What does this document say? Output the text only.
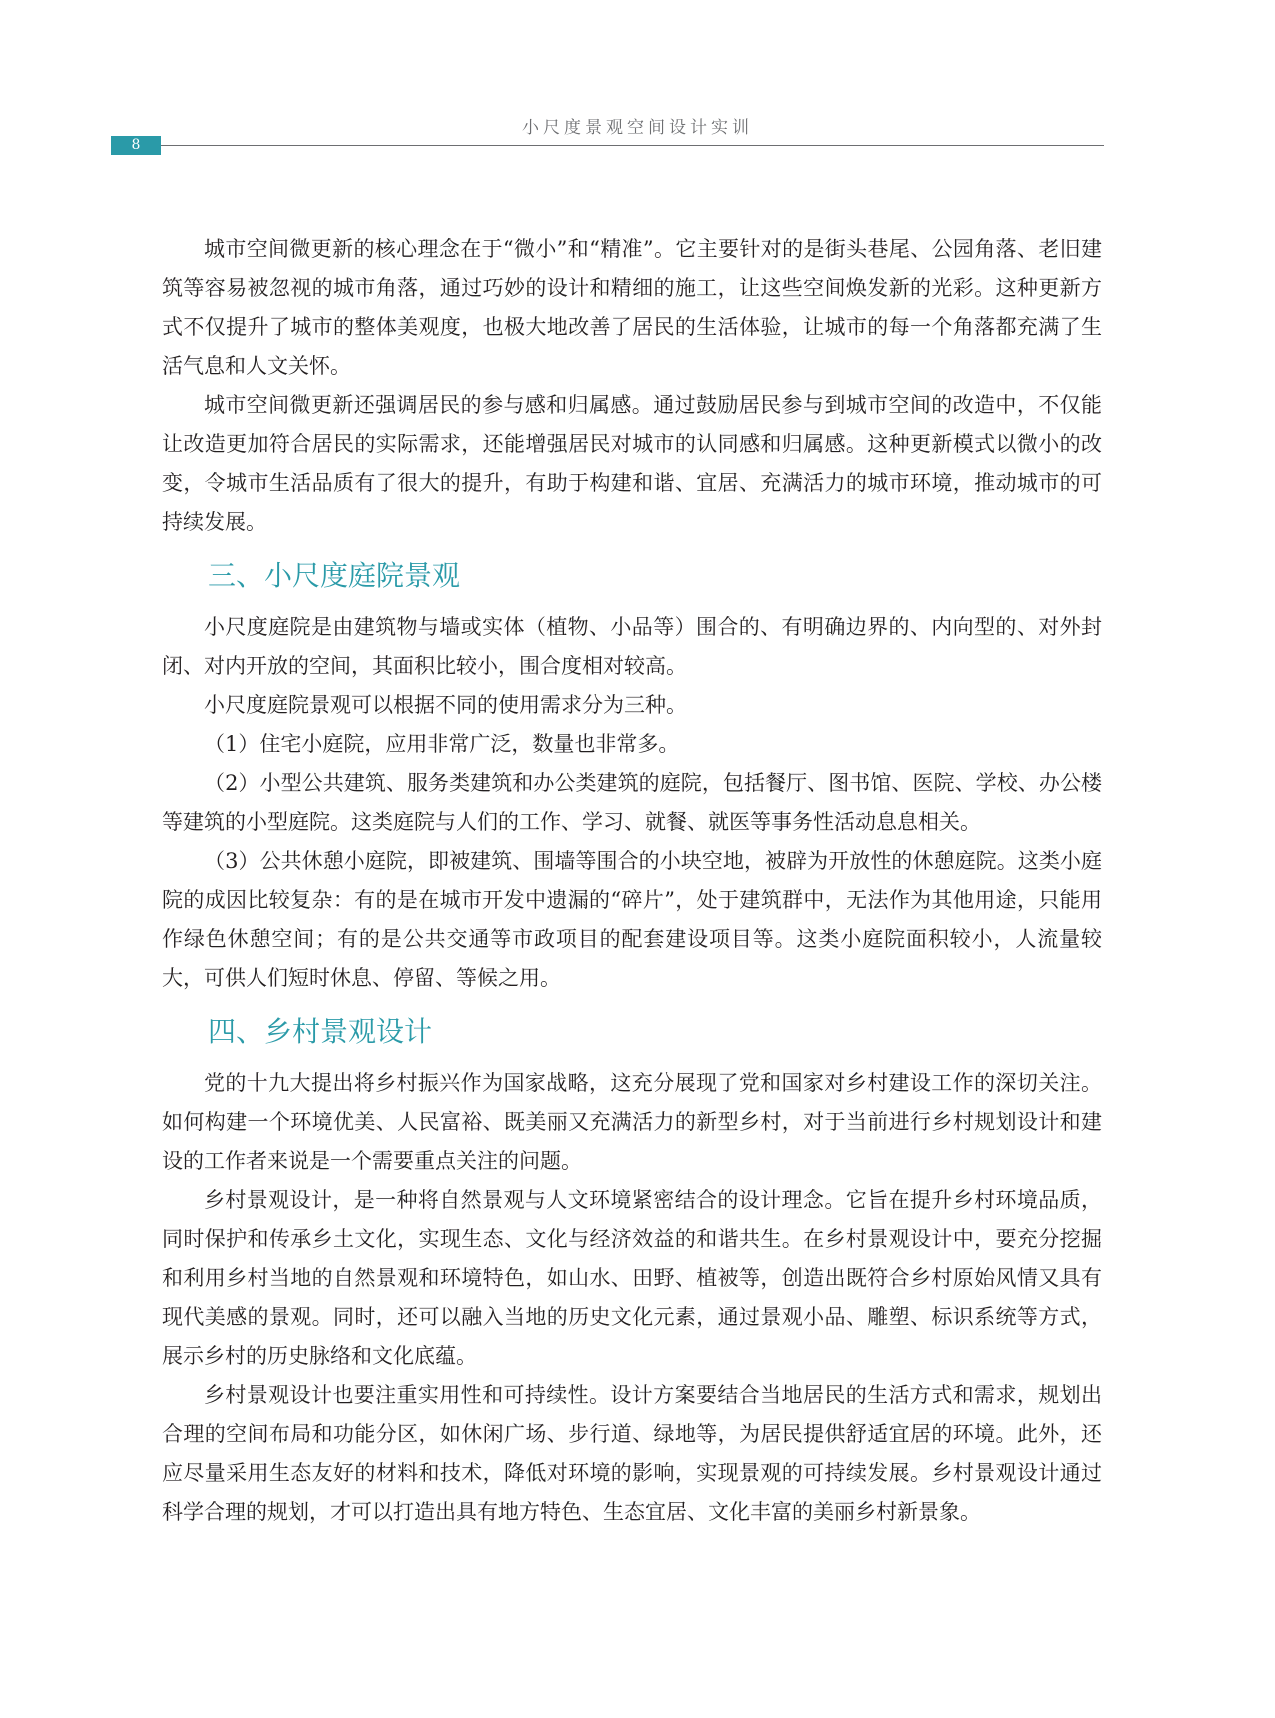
小尺度景观空间设计实训
8

城市空间微更新的核心理念在于“微小”和“精准”。它主要针对的是街头巷尾、公园角落、老旧建筑等容易被忽视的城市角落，通过巧妙的设计和精细的施工，让这些空间焕发新的光彩。这种更新方式不仅提升了城市的整体美观度，也极大地改善了居民的生活体验，让城市的每一个角落都充满了生活气息和人文关怀。

城市空间微更新还强调居民的参与感和归属感。通过鼓励居民参与到城市空间的改造中，不仅能让改造更加符合居民的实际需求，还能增强居民对城市的认同感和归属感。这种更新模式以微小的改变，令城市生活品质有了很大的提升，有助于构建和谐、宜居、充满活力的城市环境，推动城市的可持续发展。

三、小尺度庭院景观

小尺度庭院是由建筑物与墙或实体（植物、小品等）围合的、有明确边界的、内向型的、对外封闭、对内开放的空间，其面积比较小，围合度相对较高。

小尺度庭院景观可以根据不同的使用需求分为三种。

（1）住宅小庭院，应用非常广泛，数量也非常多。

（2）小型公共建筑、服务类建筑和办公类建筑的庭院，包括餐厅、图书馆、医院、学校、办公楼等建筑的小型庭院。这类庭院与人们的工作、学习、就餐、就医等事务性活动息息相关。

（3）公共休憩小庭院，即被建筑、围墙等围合的小块空地，被辟为开放性的休憩庭院。这类小庭院的成因比较复杂：有的是在城市开发中遗漏的“碎片”，处于建筑群中，无法作为其他用途，只能用作绿色休憩空间；有的是公共交通等市政项目的配套建设项目等。这类小庭院面积较小，人流量较大，可供人们短时休息、停留、等候之用。

四、乡村景观设计

党的十九大提出将乡村振兴作为国家战略，这充分展现了党和国家对乡村建设工作的深切关注。如何构建一个环境优美、人民富裕、既美丽又充满活力的新型乡村，对于当前进行乡村规划设计和建设的工作者来说是一个需要重点关注的问题。

乡村景观设计，是一种将自然景观与人文环境紧密结合的设计理念。它旨在提升乡村环境品质，同时保护和传承乡土文化，实现生态、文化与经济效益的和谐共生。在乡村景观设计中，要充分挖掘和利用乡村当地的自然景观和环境特色，如山水、田野、植被等，创造出既符合乡村原始风情又具有现代美感的景观。同时，还可以融入当地的历史文化元素，通过景观小品、雕塑、标识系统等方式，展示乡村的历史脉络和文化底蕴。

乡村景观设计也要注重实用性和可持续性。设计方案要结合当地居民的生活方式和需求，规划出合理的空间布局和功能分区，如休闲广场、步行道、绿地等，为居民提供舒适宜居的环境。此外，还应尽量采用生态友好的材料和技术，降低对环境的影响，实现景观的可持续发展。乡村景观设计通过科学合理的规划，才可以打造出具有地方特色、生态宜居、文化丰富的美丽乡村新景象。
